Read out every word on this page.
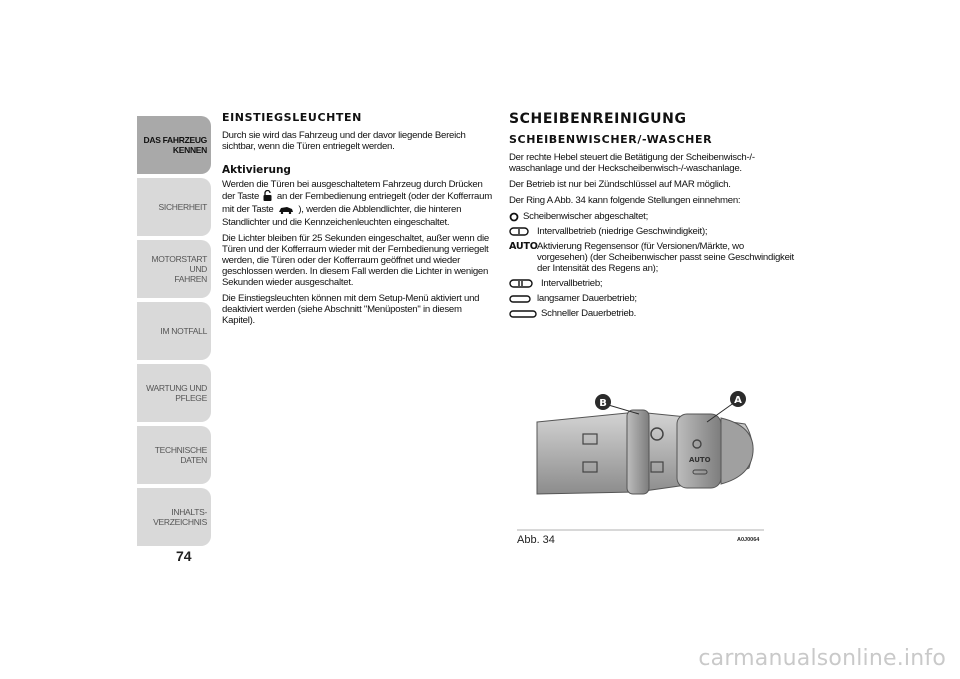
DAS FAHRZEUG
KENNEN
SICHERHEIT
MOTORSTART UND
FAHREN
IM NOTFALL
WARTUNG UND
PFLEGE
TECHNISCHE DATEN
INHALTS-
VERZEICHNIS
74
EINSTIEGSLEUCHTEN

Durch sie wird das Fahrzeug und der davor liegende Bereich sichtbar, wenn die Türen entriegelt werden.

Aktivierung

Werden die Türen bei ausgeschaltetem Fahrzeug durch Drücken der Taste an der Fernbedienung entriegelt (oder der Kofferraum mit der Taste	), werden die Abblendlichter, die hinteren Standlichter und die Kennzeichenleuchten eingeschaltet.

Die Lichter bleiben für 25 Sekunden eingeschaltet, außer wenn die Türen und der Kofferraum wieder mit der Fernbedienung verriegelt werden, die Türen oder der Kofferraum geöffnet und wieder geschlossen werden. In diesem Fall werden die Lichter in wenigen Sekunden wieder ausgeschaltet.

Die Einstiegsleuchten können mit dem Setup-Menü aktiviert und deaktiviert werden (siehe Abschnitt "Menüposten" in diesem Kapitel).

SCHEIBENREINIGUNG
SCHEIBENWISCHER/-WASCHER

Der rechte Hebel steuert die Betätigung der Scheibenwisch-/-waschanlage und der Heckscheibenwisch-/-waschanlage.

Der Betrieb ist nur bei Zündschlüssel auf MAR möglich.

Der Ring A Abb. 34 kann folgende Stellungen einnehmen:

Scheibenwischer abgeschaltet;
Intervallbetrieb (niedrige Geschwindigkeit);
AUTO Aktivierung Regensensor (für Versionen/Märkte, wo vorgesehen) (der Scheibenwischer passt seine Geschwindigkeit der Intensität des Regens an);
Intervallbetrieb;
langsamer Dauerbetrieb;
Schneller Dauerbetrieb.
AUTO
B	A
Abb. 34	A0J0064
carmanualsonline.info
